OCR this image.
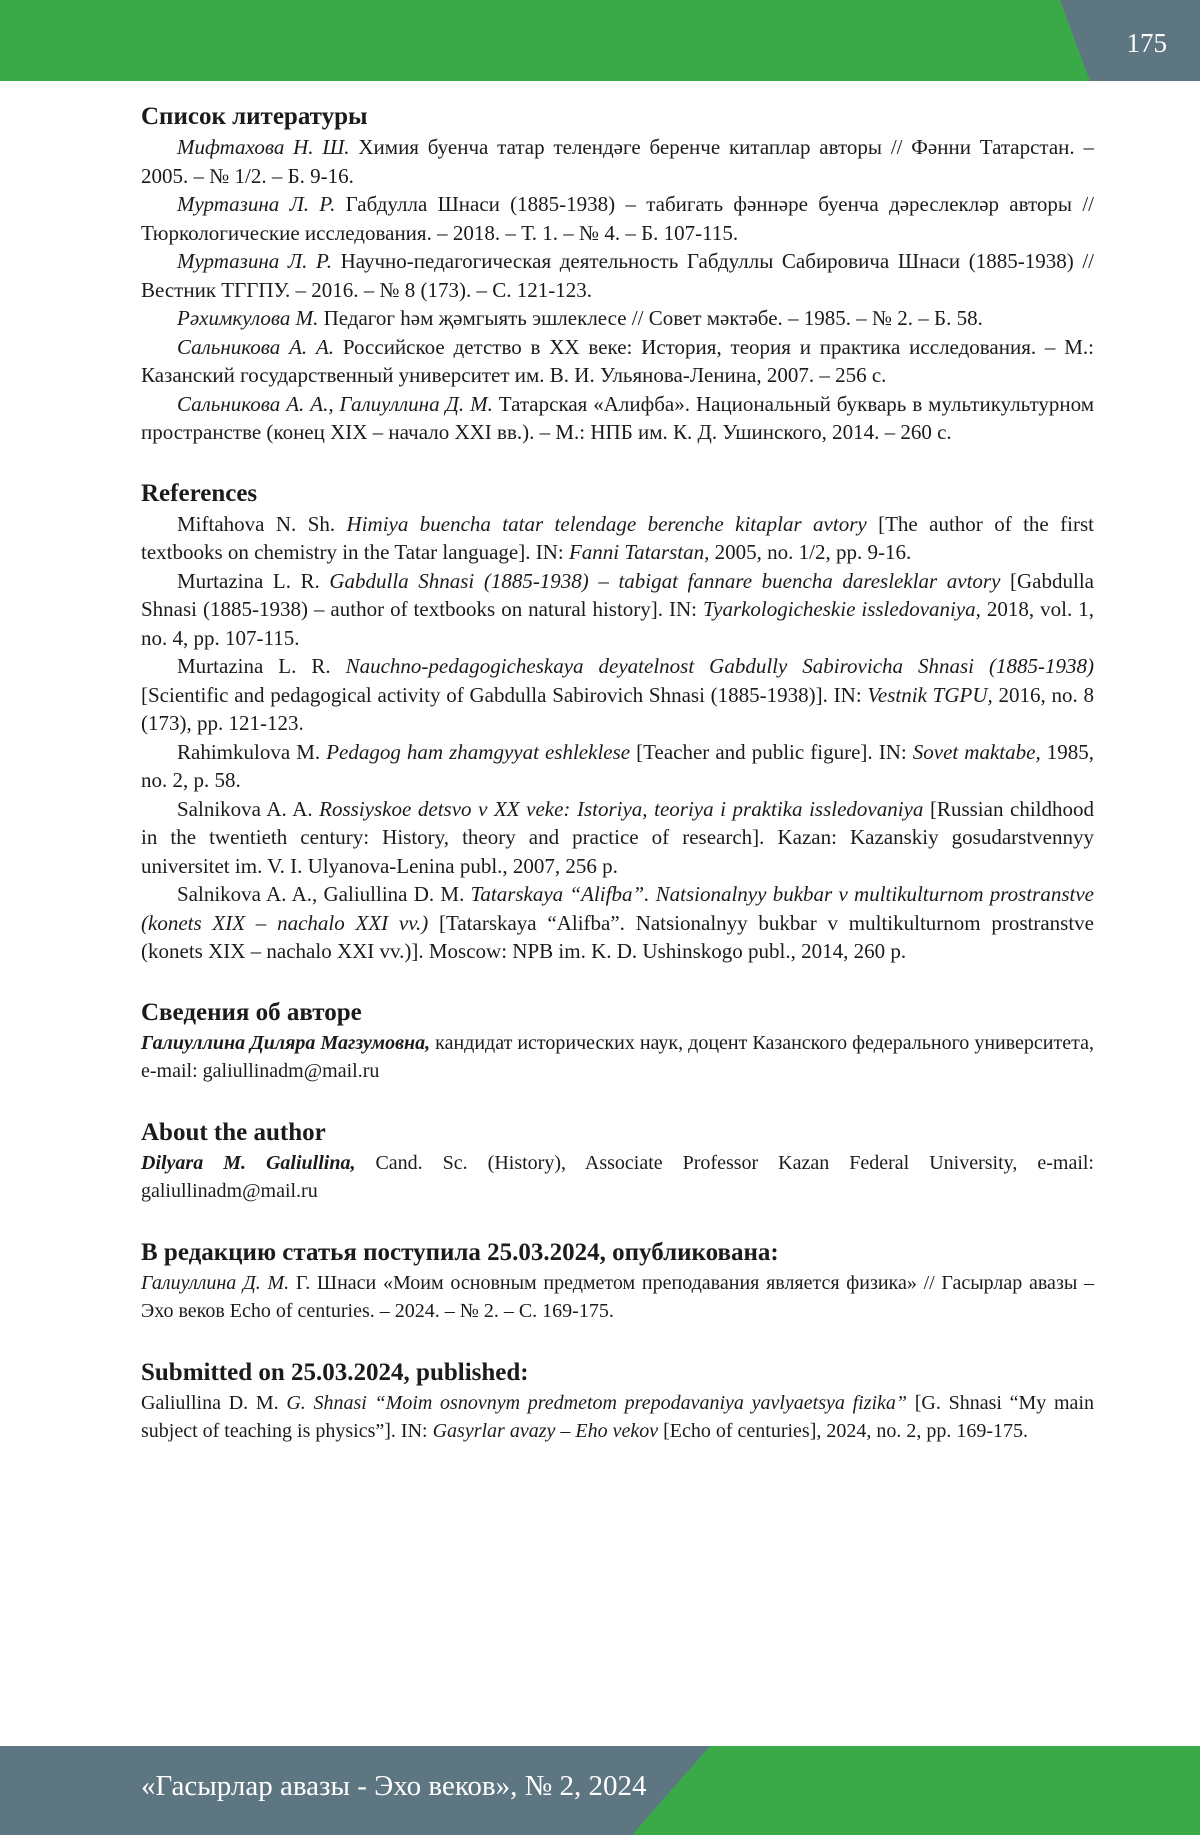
175
Список литературы

Мифтахова Н. Ш. Химия буенча татар телендәге беренче китаплар авторы // Фәнни Татарстан. – 2005. – № 1/2. – Б. 9-16.

Муртазина Л. Р. Габдулла Шнаси (1885-1938) – табигать фәннәре буенча дәреслекләр авторы // Тюркологические исследования. – 2018. – Т. 1. – № 4. – Б. 107-115.

Муртазина Л. Р. Научно-педагогическая деятельность Габдуллы Сабировича Шнаси (1885-1938) // Вестник ТГГПУ. – 2016. – № 8 (173). – С. 121-123.

Рәхимкулова М. Педагог һәм җәмгыять эшлеклесе // Совет мәктәбе. – 1985. – № 2. – Б. 58.

Сальникова А. А. Российское детство в XX веке: История, теория и практика исследования. – М.: Казанский государственный университет им. В. И. Ульянова-Ленина, 2007. – 256 с.

Сальникова А. А., Галиуллина Д. М. Татарская «Алифба». Национальный букварь в мультикультурном пространстве (конец XIX – начало XXI вв.). – М.: НПБ им. К. Д. Ушинского, 2014. – 260 с.

References

Miftahova N. Sh. Himiya buencha tatar telendage berenche kitaplar avtory [The author of the first textbooks on chemistry in the Tatar language]. IN: Fanni Tatarstan, 2005, no. 1/2, pp. 9-16.

Murtazina L. R. Gabdulla Shnasi (1885-1938) – tabigat fannare buencha daresleklar avtory [Gabdulla Shnasi (1885-1938) – author of textbooks on natural history]. IN: Tyarkologicheskie issledovaniya, 2018, vol. 1, no. 4, pp. 107-115.

Murtazina L. R. Nauchno-pedagogicheskaya deyatelnost Gabdully Sabirovicha Shnasi (1885-1938) [Scientific and pedagogical activity of Gabdulla Sabirovich Shnasi (1885-1938)]. IN: Vestnik TGPU, 2016, no. 8 (173), pp. 121-123.

Rahimkulova M. Pedagog ham zhamgyyat eshleklese [Teacher and public figure]. IN: Sovet maktabe, 1985, no. 2, p. 58.

Salnikova A. A. Rossiyskoe detsvo v XX veke: Istoriya, teoriya i praktika issledovaniya [Russian childhood in the twentieth century: History, theory and practice of research]. Kazan: Kazanskiy gosudarstvennyy universitet im. V. I. Ulyanova-Lenina publ., 2007, 256 p.

Salnikova A. A., Galiullina D. M. Tatarskaya “Alifba”. Natsionalnyy bukbar v multikulturnom prostranstve (konets XIX – nachalo XXI vv.) [Tatarskaya “Alifba”. Natsionalnyy bukbar v multikulturnom prostranstve (konets XIX – nachalo XXI vv.)]. Moscow: NPB im. K. D. Ushinskogo publ., 2014, 260 p.

Сведения об авторе

Галиуллина Диляра Магзумовна, кандидат исторических наук, доцент Казанского федерального университета, e-mail: galiullinadm@mail.ru

About the author

Dilyara M. Galiullina, Cand. Sc. (History), Associate Professor Kazan Federal University, e-mail: galiullinadm@mail.ru

В редакцию статья поступила 25.03.2024, опубликована:

Галиуллина Д. М. Г. Шнаси «Моим основным предметом преподавания является физика» // Гасырлар авазы – Эхо веков Echo of centuries. – 2024. – № 2. – С. 169-175.

Submitted on 25.03.2024, published:

Galiullina D. M. G. Shnasi “Moim osnovnym predmetom prepodavaniya yavlyaetsya fizika” [G. Shnasi “My main subject of teaching is physics”]. IN: Gasyrlar avazy – Eho vekov [Echo of centuries], 2024, no. 2, pp. 169-175.

«Гасырлар авазы - Эхо веков», № 2, 2024
